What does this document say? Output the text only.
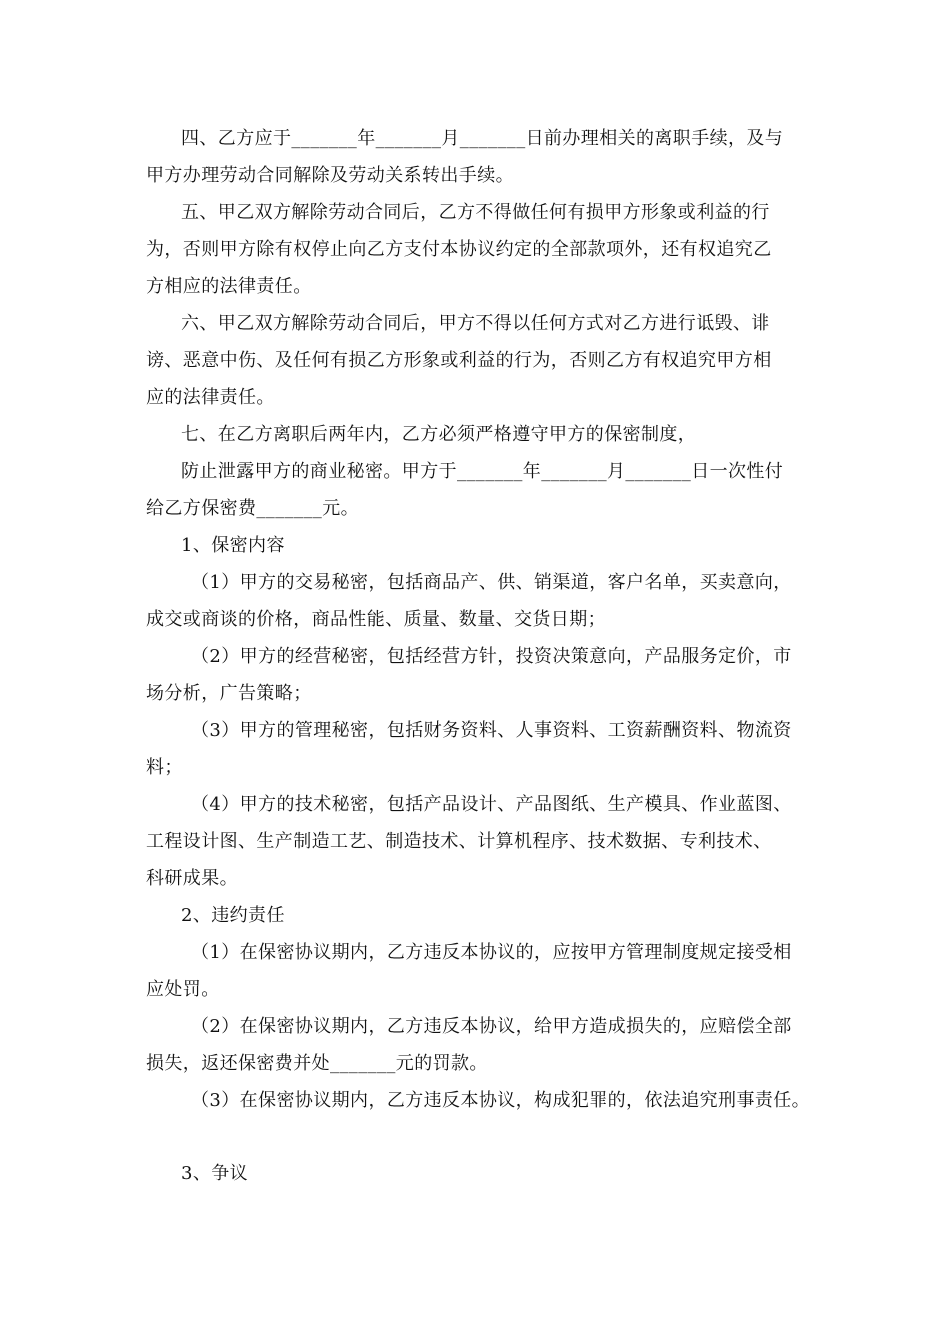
四、乙方应于_______年_______月_______日前办理相关的离职手续，及与
甲方办理劳动合同解除及劳动关系转出手续。
五、甲乙双方解除劳动合同后，乙方不得做任何有损甲方形象或利益的行
为，否则甲方除有权停止向乙方支付本协议约定的全部款项外，还有权追究乙
方相应的法律责任。
六、甲乙双方解除劳动合同后，甲方不得以任何方式对乙方进行诋毁、诽
谤、恶意中伤、及任何有损乙方形象或利益的行为，否则乙方有权追究甲方相
应的法律责任。
七、在乙方离职后两年内，乙方必须严格遵守甲方的保密制度，
防止泄露甲方的商业秘密。甲方于_______年_______月_______日一次性付
给乙方保密费_______元。
1、保密内容
（1）甲方的交易秘密，包括商品产、供、销渠道，客户名单，买卖意向，
成交或商谈的价格，商品性能、质量、数量、交货日期；
（2）甲方的经营秘密，包括经营方针，投资决策意向，产品服务定价，市
场分析，广告策略；
（3）甲方的管理秘密，包括财务资料、人事资料、工资薪酬资料、物流资
料；
（4）甲方的技术秘密，包括产品设计、产品图纸、生产模具、作业蓝图、
工程设计图、生产制造工艺、制造技术、计算机程序、技术数据、专利技术、
科研成果。
2、违约责任
（1）在保密协议期内，乙方违反本协议的，应按甲方管理制度规定接受相
应处罚。
（2）在保密协议期内，乙方违反本协议，给甲方造成损失的，应赔偿全部
损失，返还保密费并处_______元的罚款。
（3）在保密协议期内，乙方违反本协议，构成犯罪的，依法追究刑事责任。
3、争议
